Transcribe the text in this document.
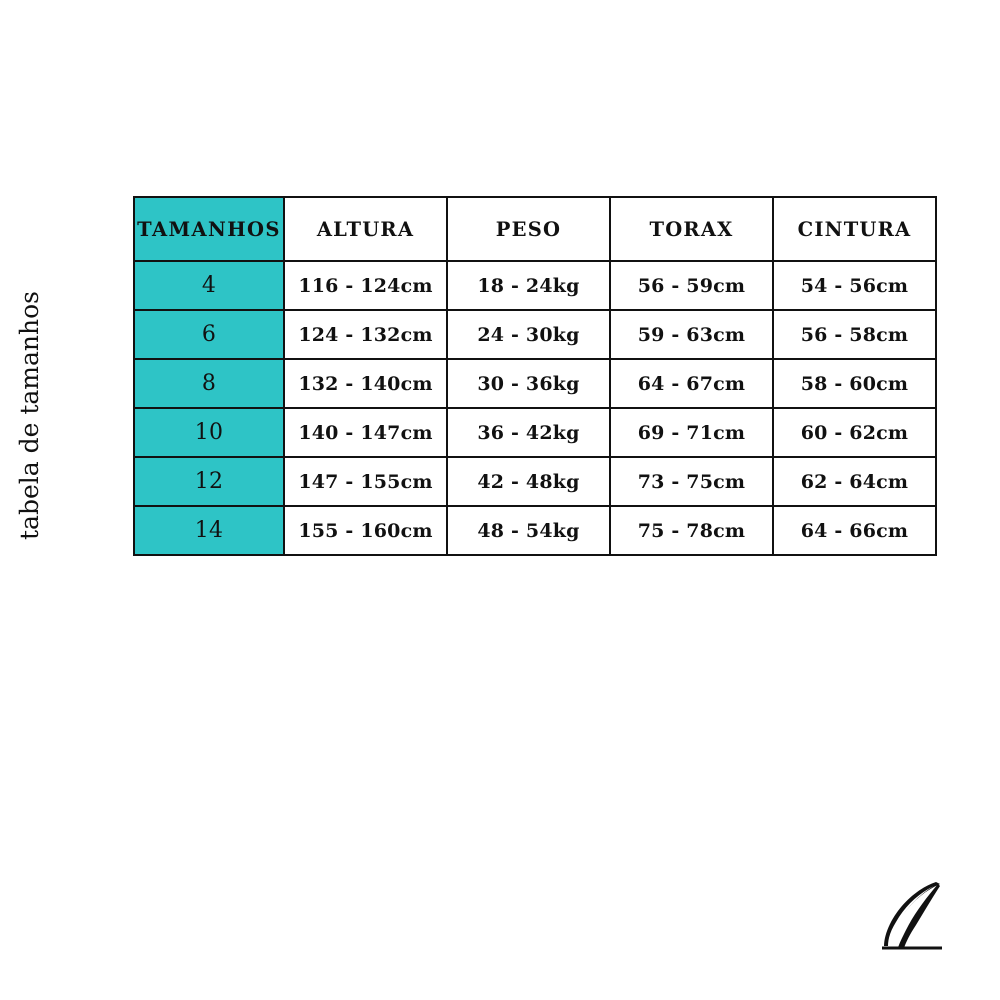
tabela de tamanhos
TAMANHOS	ALTURA	PESO	TORAX	CINTURA
4	116 - 124cm	18 - 24kg	56 - 59cm	54 - 56cm
6	124 - 132cm	24 - 30kg	59 - 63cm	56 - 58cm
8	132 - 140cm	30 - 36kg	64 - 67cm	58 - 60cm
10	140 - 147cm	36 - 42kg	69 - 71cm	60 - 62cm
12	147 - 155cm	42 - 48kg	73 - 75cm	62 - 64cm
14	155 - 160cm	48 - 54kg	75 - 78cm	64 - 66cm
